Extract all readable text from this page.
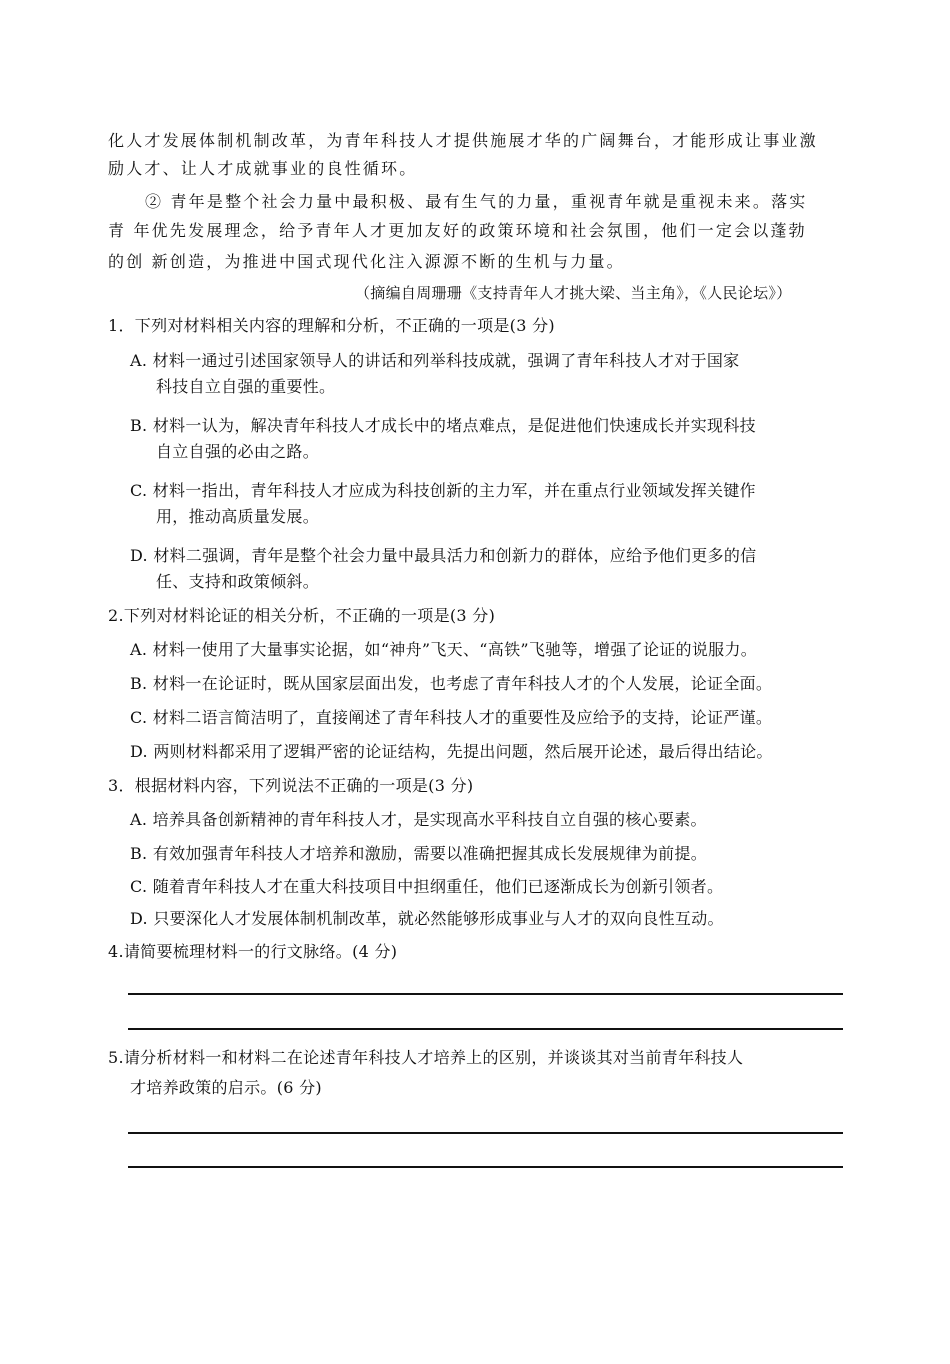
化人才发展体制机制改革，为青年科技人才提供施展才华的广阔舞台，才能形成让事业激
励人才、让人才成就事业的良性循环。
② 青年是整个社会力量中最积极、最有生气的力量，重视青年就是重视未来。落实
青 年优先发展理念，给予青年人才更加友好的政策环境和社会氛围，他们一定会以蓬勃
的创 新创造，为推进中国式现代化注入源源不断的生机与力量。
（摘编自周珊珊《支持青年人才挑大梁、当主角》，《人民论坛》）
1．下列对材料相关内容的理解和分析，不正确的一项是(3 分)
A. 材料一通过引述国家领导人的讲话和列举科技成就，强调了青年科技人才对于国家
科技自立自强的重要性。
B. 材料一认为，解决青年科技人才成长中的堵点难点，是促进他们快速成长并实现科技
自立自强的必由之路。
C. 材料一指出，青年科技人才应成为科技创新的主力军，并在重点行业领域发挥关键作
用，推动高质量发展。
D. 材料二强调，青年是整个社会力量中最具活力和创新力的群体，应给予他们更多的信
任、支持和政策倾斜。
2.下列对材料论证的相关分析，不正确的一项是(3 分)
A. 材料一使用了大量事实论据，如“神舟”飞天、“高铁”飞驰等，增强了论证的说服力。
B. 材料一在论证时，既从国家层面出发，也考虑了青年科技人才的个人发展，论证全面。
C. 材料二语言简洁明了，直接阐述了青年科技人才的重要性及应给予的支持，论证严谨。
D. 两则材料都采用了逻辑严密的论证结构，先提出问题，然后展开论述，最后得出结论。
3．根据材料内容，下列说法不正确的一项是(3 分)
A. 培养具备创新精神的青年科技人才，是实现高水平科技自立自强的核心要素。
B. 有效加强青年科技人才培养和激励，需要以准确把握其成长发展规律为前提。
C. 随着青年科技人才在重大科技项目中担纲重任，他们已逐渐成长为创新引领者。
D. 只要深化人才发展体制机制改革，就必然能够形成事业与人才的双向良性互动。
4.请简要梳理材料一的行文脉络。(4 分)
5.请分析材料一和材料二在论述青年科技人才培养上的区别，并谈谈其对当前青年科技人
才培养政策的启示。(6 分)
